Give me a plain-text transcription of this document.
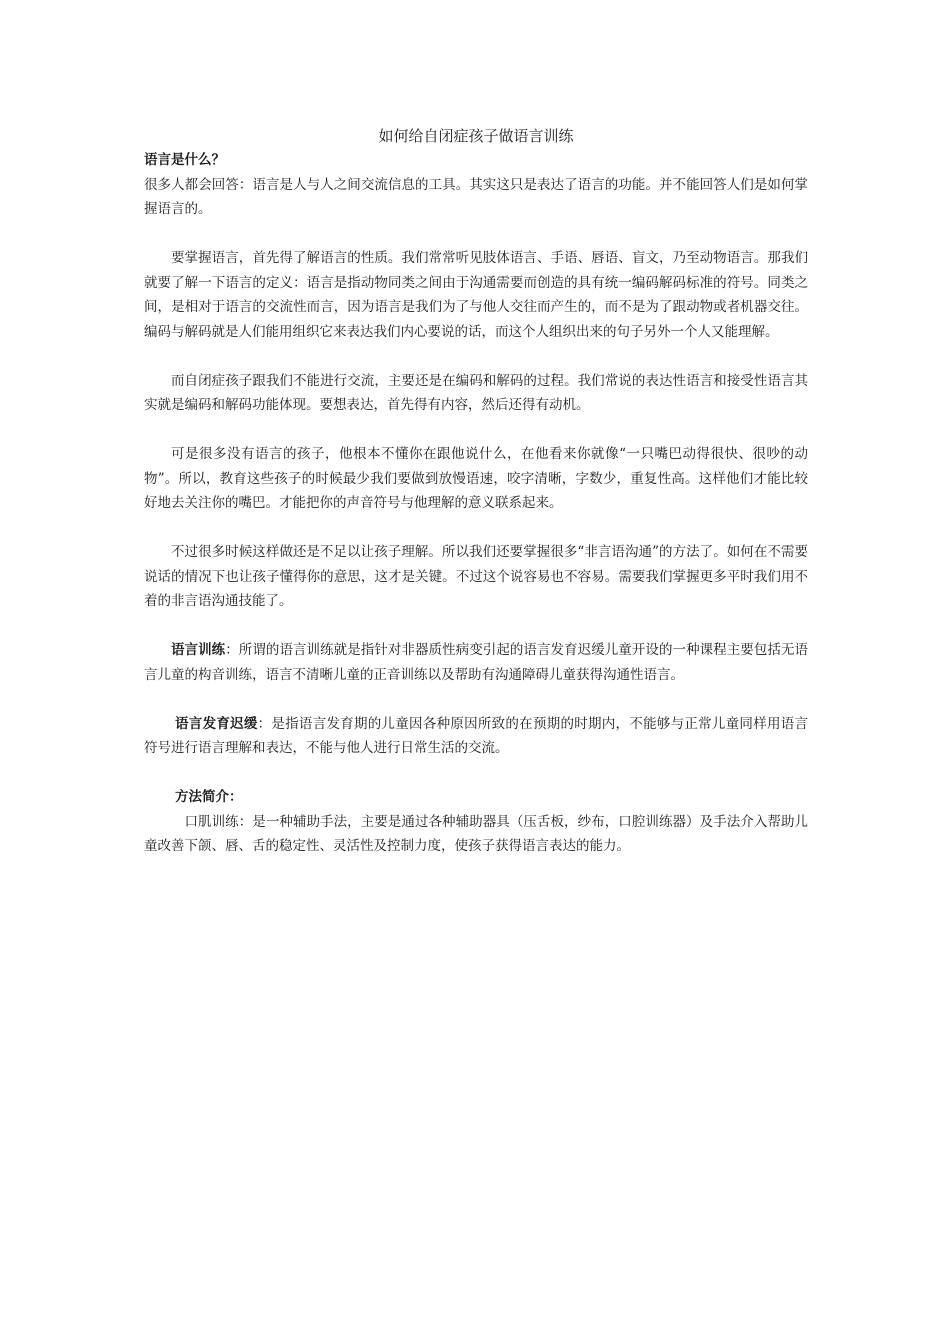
如何给自闭症孩子做语言训练

语言是什么？

很多人都会回答：语言是人与人之间交流信息的工具。其实这只是表达了语言的功能。并不能回答人们是如何掌握语言的。

要掌握语言，首先得了解语言的性质。我们常常听见肢体语言、手语、唇语、盲文，乃至动物语言。那我们就要了解一下语言的定义：语言是指动物同类之间由于沟通需要而创造的具有统一编码解码标准的符号。同类之间，是相对于语言的交流性而言，因为语言是我们为了与他人交往而产生的，而不是为了跟动物或者机器交往。编码与解码就是人们能用组织它来表达我们内心要说的话，而这个人组织出来的句子另外一个人又能理解。

而自闭症孩子跟我们不能进行交流，主要还是在编码和解码的过程。我们常说的表达性语言和接受性语言其实就是编码和解码功能体现。要想表达，首先得有内容，然后还得有动机。

可是很多没有语言的孩子，他根本不懂你在跟他说什么，在他看来你就像“一只嘴巴动得很快、很吵的动物”。所以，教育这些孩子的时候最少我们要做到放慢语速，咬字清晰，字数少，重复性高。这样他们才能比较好地去关注你的嘴巴。才能把你的声音符号与他理解的意义联系起来。

不过很多时候这样做还是不足以让孩子理解。所以我们还要掌握很多“非言语沟通”的方法了。如何在不需要说话的情况下也让孩子懂得你的意思，这才是关键。不过这个说容易也不容易。需要我们掌握更多平时我们用不着的非言语沟通技能了。

语言训练：所谓的语言训练就是指针对非器质性病变引起的语言发育迟缓儿童开设的一种课程主要包括无语言儿童的构音训练，语言不清晰儿童的正音训练以及帮助有沟通障碍儿童获得沟通性语言。

语言发育迟缓：是指语言发育期的儿童因各种原因所致的在预期的时期内，不能够与正常儿童同样用语言符号进行语言理解和表达，不能与他人进行日常生活的交流。

方法简介：

口肌训练：是一种辅助手法，主要是通过各种辅助器具（压舌板，纱布，口腔训练器）及手法介入帮助儿童改善下颌、唇、舌的稳定性、灵活性及控制力度，使孩子获得语言表达的能力。
